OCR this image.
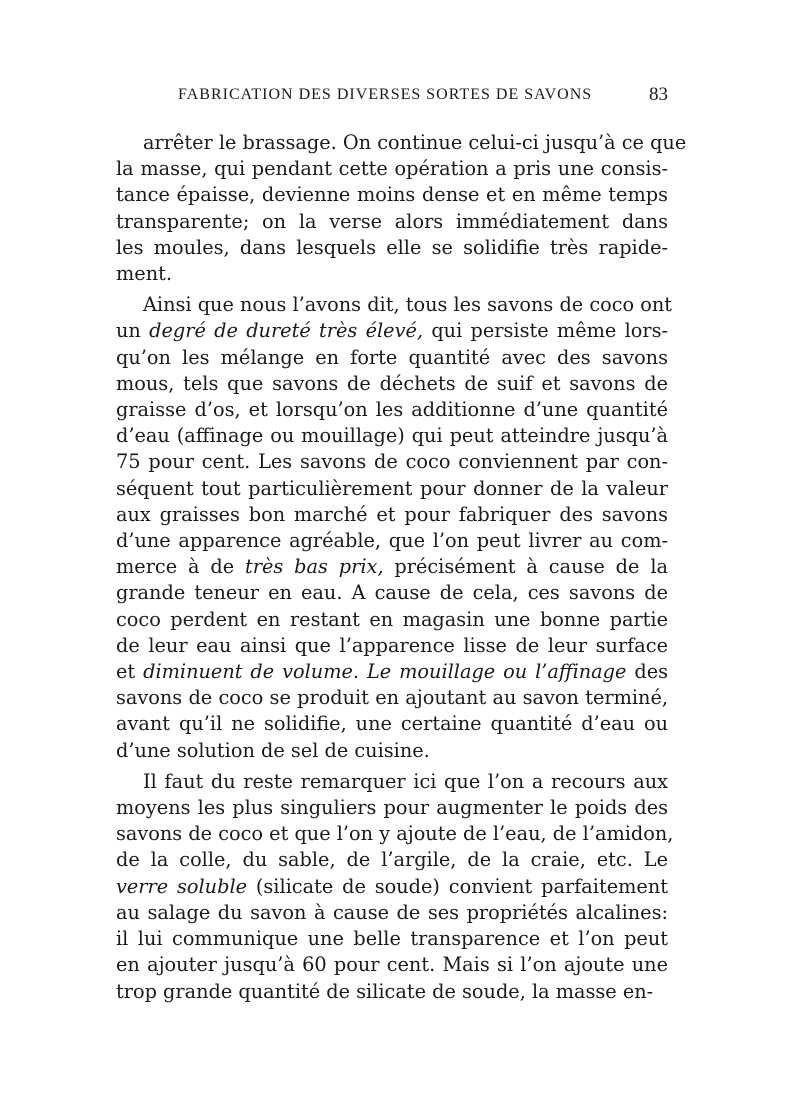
FABRICATION DES DIVERSES SORTES DE SAVONS	83
arrêter le brassage. On continue celui-ci jusqu’à ce que
la masse, qui pendant cette opération a pris une consis-
tance épaisse, devienne moins dense et en même temps
transparente; on la verse alors immédiatement dans
les moules, dans lesquels elle se solidifie très rapide-
ment.
Ainsi que nous l’avons dit, tous les savons de coco ont
un degré de dureté très élevé, qui persiste même lors-
qu’on les mélange en forte quantité avec des savons
mous, tels que savons de déchets de suif et savons de
graisse d’os, et lorsqu’on les additionne d’une quantité
d’eau (affinage ou mouillage) qui peut atteindre jusqu’à
75 pour cent. Les savons de coco conviennent par con-
séquent tout particulièrement pour donner de la valeur
aux graisses bon marché et pour fabriquer des savons
d’une apparence agréable, que l’on peut livrer au com-
merce à de très bas prix, précisément à cause de la
grande teneur en eau. A cause de cela, ces savons de
coco perdent en restant en magasin une bonne partie
de leur eau ainsi que l’apparence lisse de leur surface
et diminuent de volume. Le mouillage ou l’affinage des
savons de coco se produit en ajoutant au savon terminé,
avant qu’il ne solidifie, une certaine quantité d’eau ou
d’une solution de sel de cuisine.
Il faut du reste remarquer ici que l’on a recours aux
moyens les plus singuliers pour augmenter le poids des
savons de coco et que l’on y ajoute de l’eau, de l’amidon,
de la colle, du sable, de l’argile, de la craie, etc. Le
verre soluble (silicate de soude) convient parfaitement
au salage du savon à cause de ses propriétés alcalines:
il lui communique une belle transparence et l’on peut
en ajouter jusqu’à 60 pour cent. Mais si l’on ajoute une
trop grande quantité de silicate de soude, la masse en-
